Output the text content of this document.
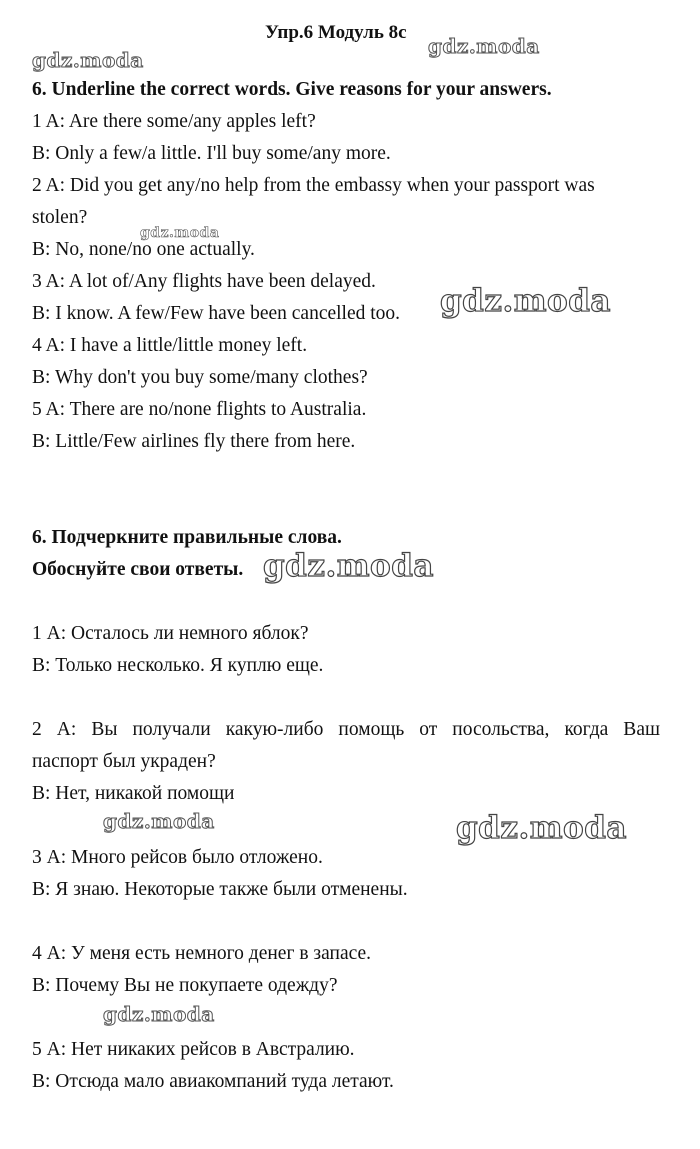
Упр.6 Модуль 8с
gdz.moda
gdz.moda
gdz.moda
gdz.moda
gdz.moda
gdz.moda	gdz.moda
gdz.moda
6. Underline the correct words. Give reasons for your answers.
1 A: Are there some/any apples left?
B: Only a few/a little. I'll buy some/any more.
2 A: Did you get any/no help from the embassy when your passport was
stolen?
B: No, none/no one actually.
3 A: A lot of/Any flights have been delayed.
B: I know. A few/Few have been cancelled too.
4 A: I have a little/little money left.
B: Why don't you buy some/many clothes?
5 A: There are no/none flights to Australia.
B: Little/Few airlines fly there from here.
6. Подчеркните правильные слова.
Обоснуйте свои ответы.
1 А: Осталось ли немного яблок?
В: Только несколько. Я куплю еще.
2 А: Вы получали какую-либо помощь от посольства, когда Ваш
паспорт был украден?
В: Нет, никакой помощи
3 А: Много рейсов было отложено.
В: Я знаю. Некоторые также были отменены.
4 А: У меня есть немного денег в запасе.
В: Почему Вы не покупаете одежду?
5 А: Нет никаких рейсов в Австралию.
В: Отсюда мало авиакомпаний туда летают.
